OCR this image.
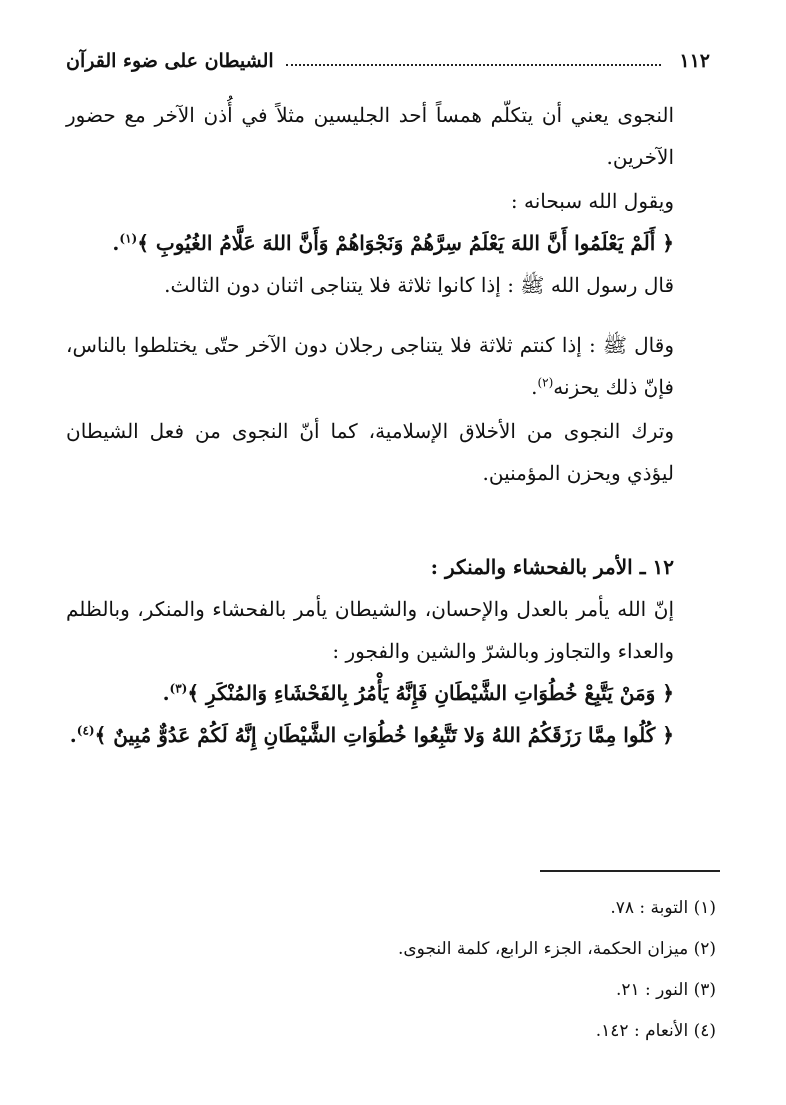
١١٢
الشيطان على ضوء القرآن

النجوى يعني أن يتكلّم همساً أحد الجليسين مثلاً في أُذن الآخر مع حضور الآخرين.

ويقول الله سبحانه :

﴿ أَلَمْ يَعْلَمُوا أَنَّ اللهَ يَعْلَمُ سِرَّهُمْ وَنَجْوَاهُمْ وَأَنَّ اللهَ عَلَّامُ الغُيُوبِ ﴾$^{(١)}$.

قال رسول الله ﷺ : إذا كانوا ثلاثة فلا يتناجى اثنان دون الثالث.

وقال ﷺ : إذا كنتم ثلاثة فلا يتناجى رجلان دون الآخر حتّى يختلطوا بالناس، فإنّ ذلك يحزنه$^{(٢)}$.

وترك النجوى من الأخلاق الإسلامية، كما أنّ النجوى من فعل الشيطان ليؤذي ويحزن المؤمنين.

١٢ ـ الأمر بالفحشاء والمنكر :

إنّ الله يأمر بالعدل والإحسان، والشيطان يأمر بالفحشاء والمنكر، وبالظلم والعداء والتجاوز وبالشرّ والشين والفجور :

﴿ وَمَنْ يَتَّبِعْ خُطُوَاتِ الشَّيْطَانِ فَإِنَّهُ يَأْمُرُ بِالفَحْشَاءِ وَالمُنْكَرِ ﴾$^{(٣)}$.

﴿ كُلُوا مِمَّا رَزَقَكُمُ اللهُ وَلا تَتَّبِعُوا خُطُوَاتِ الشَّيْطَانِ إِنَّهُ لَكُمْ عَدُوٌّ مُبِينٌ ﴾$^{(٤)}$.

(١) التوبة : ٧٨.

(٢) ميزان الحكمة، الجزء الرابع، كلمة النجوى.

(٣) النور : ٢١.

(٤) الأنعام : ١٤٢.
